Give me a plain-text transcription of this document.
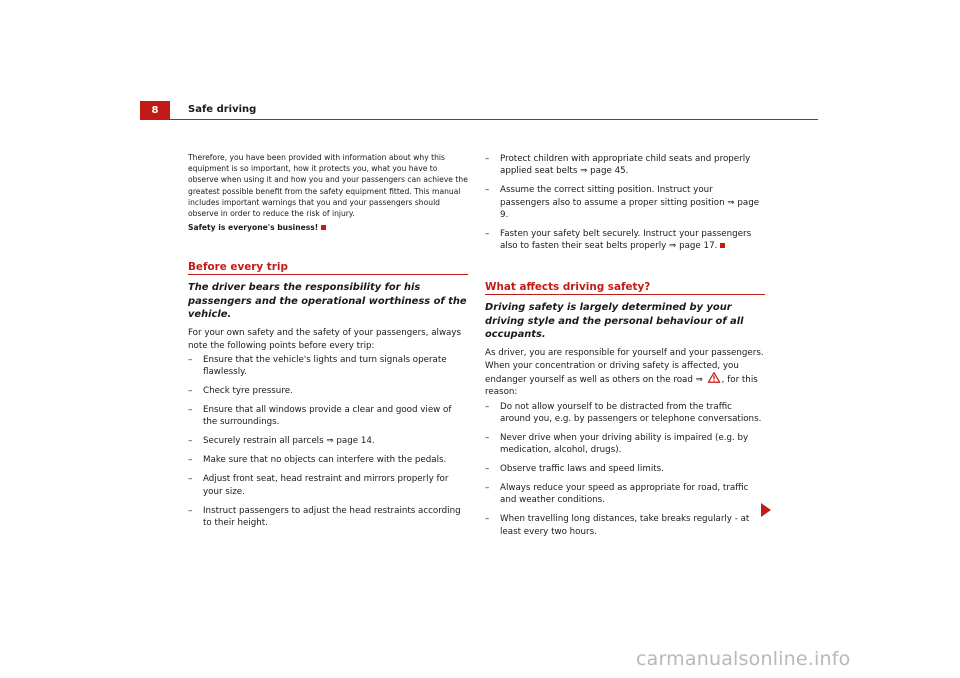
8	Safe driving

Therefore, you have been provided with information about why this equipment is so important, how it protects you, what you have to observe when using it and how you and your passengers can achieve the greatest possible benefit from the safety equipment fitted. This manual includes important warnings that you and your passengers should observe in order to reduce the risk of injury.

Safety is everyone's business!

Before every trip

The driver bears the responsibility for his passengers and the operational worthiness of the vehicle.

For your own safety and the safety of your passengers, always note the following points before every trip:

– Ensure that the vehicle's lights and turn signals operate flawlessly.
– Check tyre pressure.
– Ensure that all windows provide a clear and good view of the surroundings.
– Securely restrain all parcels ⇒ page 14.
– Make sure that no objects can interfere with the pedals.
– Adjust front seat, head restraint and mirrors properly for your size.
– Instruct passengers to adjust the head restraints according to their height.
– Protect children with appropriate child seats and properly applied seat belts ⇒ page 45.
– Assume the correct sitting position. Instruct your passengers also to assume a proper sitting position ⇒ page 9.
– Fasten your safety belt securely. Instruct your passengers also to fasten their seat belts properly ⇒ page 17.
What affects driving safety?

Driving safety is largely determined by your driving style and the personal behaviour of all occupants.

As driver, you are responsible for yourself and your passengers. When your concentration or driving safety is affected, you endanger yourself as well as others on the road ⇒ , for this reason:

– Do not allow yourself to be distracted from the traffic around you, e.g. by passengers or telephone conversations.
– Never drive when your driving ability is impaired (e.g. by medication, alcohol, drugs).
– Observe traffic laws and speed limits.
– Always reduce your speed as appropriate for road, traffic and weather conditions.
– When travelling long distances, take breaks regularly - at least every two hours.
carmanualsonline.info
